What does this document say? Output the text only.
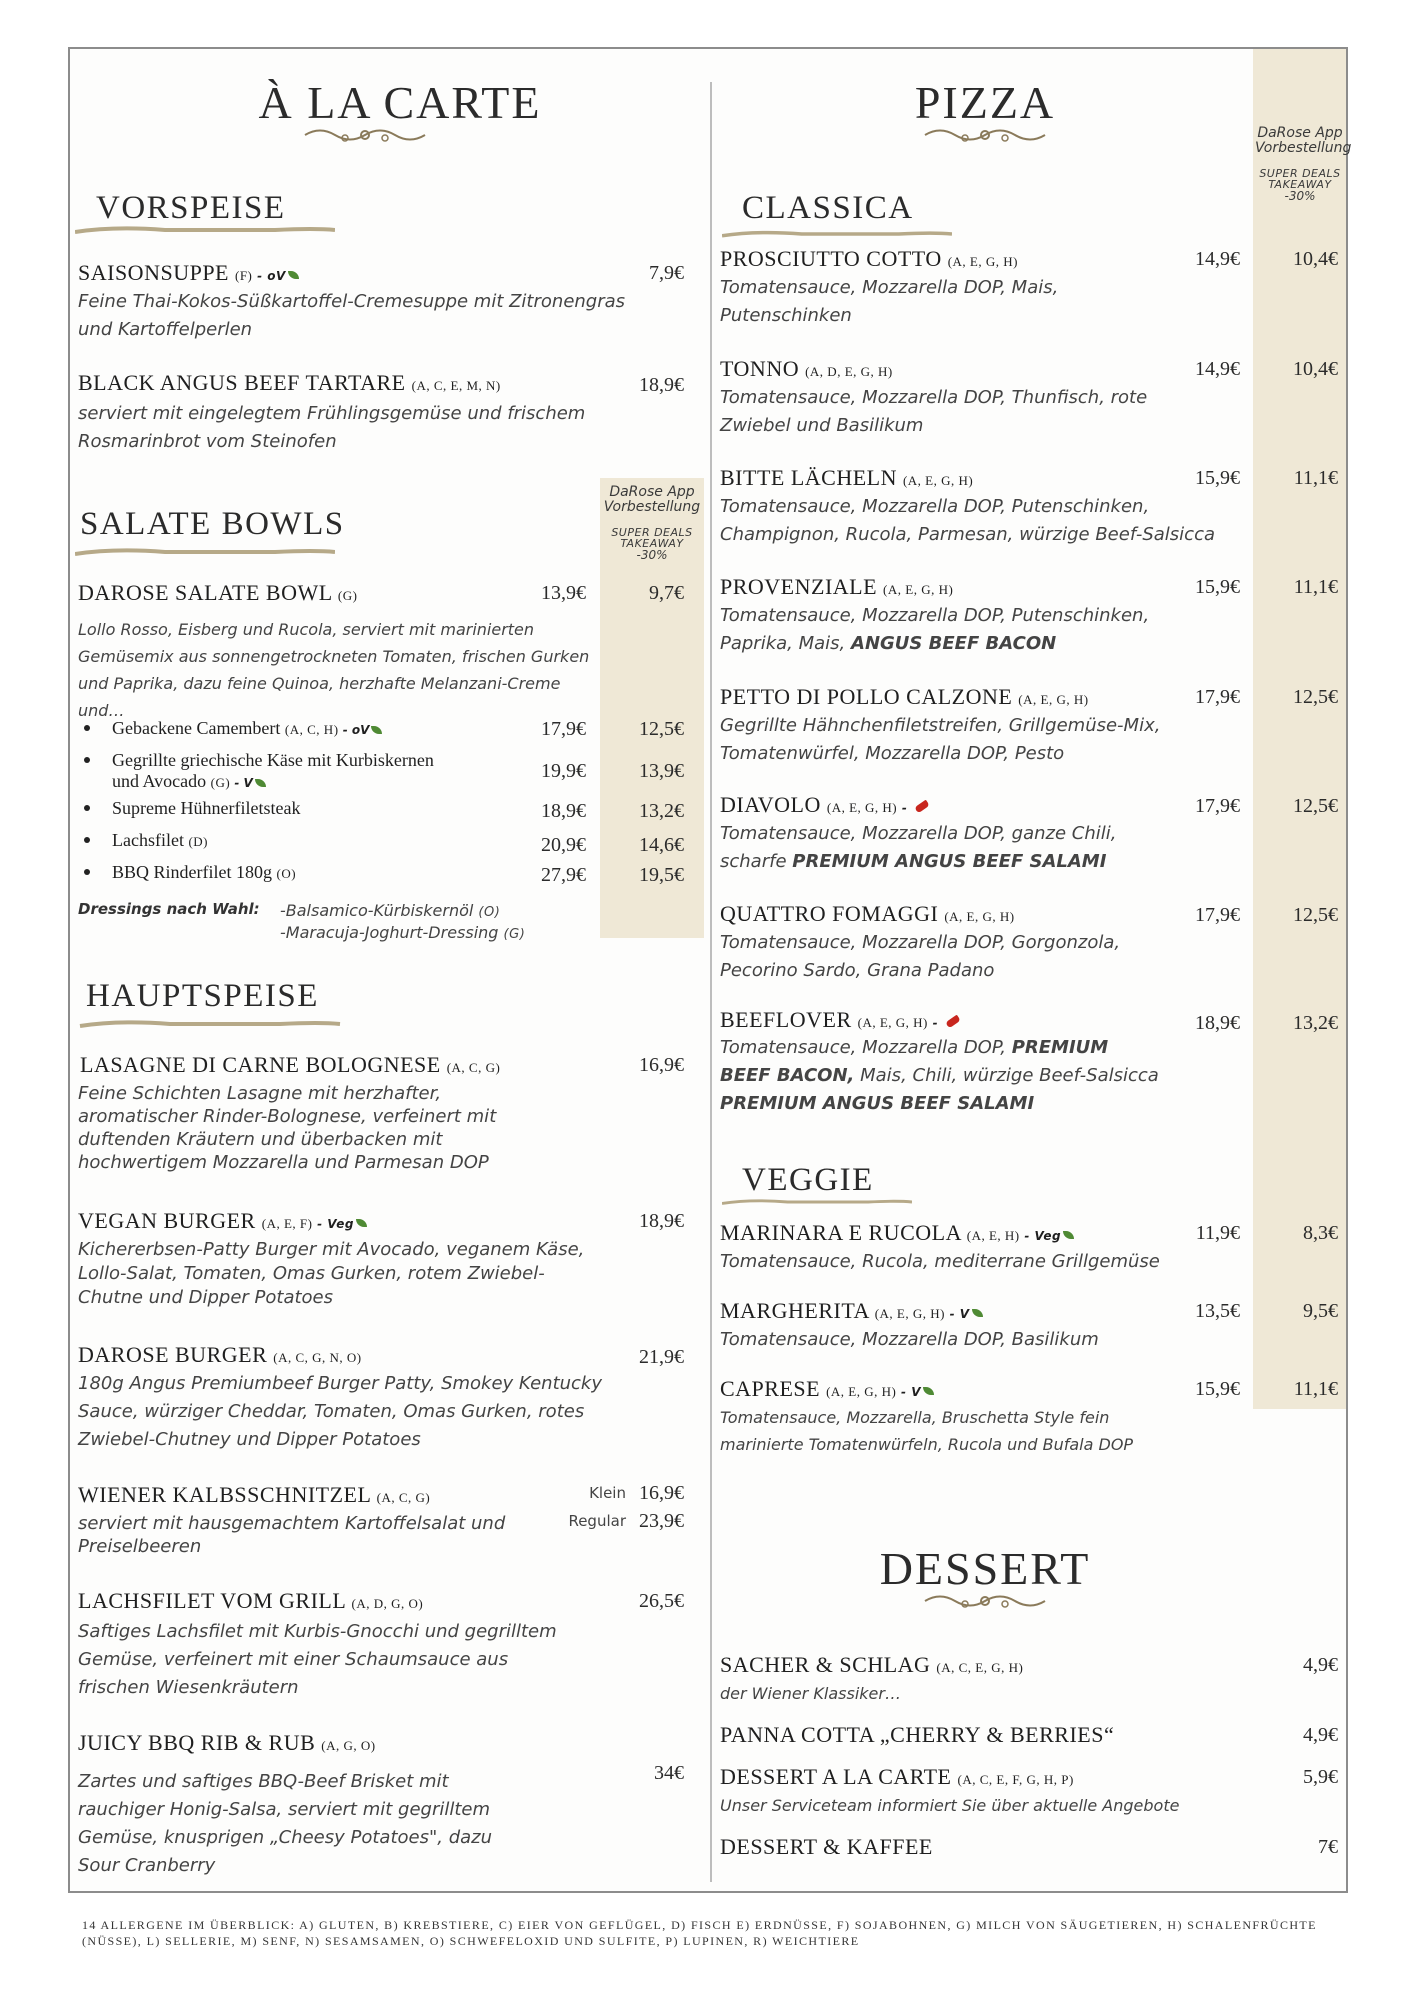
DaRose App Vorbestellung
SUPER DEALS TAKEAWAY
-30%
DaRose App Vorbestellung
SUPER DEALS TAKEAWAY
-30%
À LA CARTE	PIZZA
VORSPEISE
SALATE BOWLS
HAUPTSPEISE
CLASSICA
VEGGIE
DESSERT
SAISONSUPPE (F) - oV	7,9€
Feine Thai-Kokos-Süßkartoffel-Cremesuppe mit Zitronengras und Kartoffelperlen
BLACK ANGUS BEEF TARTARE (A, C, E, M, N)	18,9€
serviert mit eingelegtem Frühlingsgemüse und frischem Rosmarinbrot vom Steinofen
DAROSE SALATE BOWL (G)	13,9€	9,7€
Lollo Rosso, Eisberg und Rucola, serviert mit marinierten Gemüsemix aus sonnengetrockneten Tomaten, frischen Gurken und Paprika, dazu feine Quinoa, herzhafte Melanzani-Creme und…
Gebackene Camembert (A, C, H) - oV	17,9€	12,5€
Gegrillte griechische Käse mit Kurbiskernen
und Avocado (G) - V
19,9€	13,9€
Supreme Hühnerfiletsteak	18,9€	13,2€
Lachsfilet (D)	20,9€	14,6€
BBQ Rinderfilet 180g (O)	27,9€	19,5€
Dressings nach Wahl: -Balsamico-Kürbiskernöl (O)
-Maracuja-Joghurt-Dressing (G)
LASAGNE DI CARNE BOLOGNESE (A, C, G)	16,9€
Feine Schichten Lasagne mit herzhafter, aromatischer Rinder-Bolognese, verfeinert mit duftenden Kräutern und überbacken mit hochwertigem Mozzarella und Parmesan DOP
VEGAN BURGER (A, E, F) - Veg	18,9€
Kichererbsen-Patty Burger mit Avocado, veganem Käse, Lollo-Salat, Tomaten, Omas Gurken, rotem Zwiebel-Chutne und Dipper Potatoes
DAROSE BURGER (A, C, G, N, O)	21,9€
180g Angus Premiumbeef Burger Patty, Smokey Kentucky Sauce, würziger Cheddar, Tomaten, Omas Gurken, rotes Zwiebel-Chutney und Dipper Potatoes
WIENER KALBSSCHNITZEL (A, C, G)	Klein 16,9€
Regular 23,9€
serviert mit hausgemachtem Kartoffelsalat und Preiselbeeren
LACHSFILET VOM GRILL (A, D, G, O)	26,5€
Saftiges Lachsfilet mit Kurbis-Gnocchi und gegrilltem Gemüse, verfeinert mit einer Schaumsauce aus frischen Wiesenkräutern
JUICY BBQ RIB & RUB (A, G, O)
34€
Zartes und saftiges BBQ-Beef Brisket mit rauchiger Honig-Salsa, serviert mit gegrilltem Gemüse, knusprigen „Cheesy Potatoes", dazu Sour Cranberry
PROSCIUTTO COTTO (A, E, G, H)	14,9€	10,4€
Tomatensauce, Mozzarella DOP, Mais, Putenschinken
TONNO (A, D, E, G, H)	14,9€	10,4€
Tomatensauce, Mozzarella DOP, Thunfisch, rote Zwiebel und Basilikum
BITTE LÄCHELN (A, E, G, H)	15,9€	11,1€
Tomatensauce, Mozzarella DOP, Putenschinken, Champignon, Rucola, Parmesan, würzige Beef-Salsicca
PROVENZIALE (A, E, G, H)	15,9€	11,1€
Tomatensauce, Mozzarella DOP, Putenschinken, Paprika, Mais, ANGUS BEEF BACON
PETTO DI POLLO CALZONE (A, E, G, H)	17,9€	12,5€
Gegrillte Hähnchenfiletstreifen, Grillgemüse-Mix, Tomatenwürfel, Mozzarella DOP, Pesto
DIAVOLO (A, E, G, H) -	17,9€	12,5€
Tomatensauce, Mozzarella DOP, ganze Chili, scharfe PREMIUM ANGUS BEEF SALAMI
QUATTRO FOMAGGI (A, E, G, H)	17,9€	12,5€
Tomatensauce, Mozzarella DOP, Gorgonzola, Pecorino Sardo, Grana Padano
BEEFLOVER (A, E, G, H) -	18,9€	13,2€
Tomatensauce, Mozzarella DOP, PREMIUM
BEEF BACON, Mais, Chili, würzige Beef-Salsicca
PREMIUM ANGUS BEEF SALAMI
MARINARA E RUCOLA (A, E, H) - Veg	11,9€	8,3€
Tomatensauce, Rucola, mediterrane Grillgemüse
MARGHERITA (A, E, G, H) - V	13,5€	9,5€
Tomatensauce, Mozzarella DOP, Basilikum
CAPRESE (A, E, G, H) - V	15,9€	11,1€
Tomatensauce, Mozzarella, Bruschetta Style fein marinierte Tomatenwürfeln, Rucola und Bufala DOP
SACHER & SCHLAG (A, C, E, G, H)	4,9€
der Wiener Klassiker…
PANNA COTTA „CHERRY & BERRIES“	4,9€
DESSERT A LA CARTE (A, C, E, F, G, H, P)	5,9€
Unser Serviceteam informiert Sie über aktuelle Angebote
DESSERT & KAFFEE	7€
14 ALLERGENE IM ÜBERBLICK: A) GLUTEN, B) KREBSTIERE, C) EIER VON GEFLÜGEL, D) FISCH E) ERDNÜSSE, F) SOJABOHNEN, G) MILCH VON SÄUGETIEREN, H) SCHALENFRÜCHTE (NÜSSE), L) SELLERIE, M) SENF, N) SESAMSAMEN, O) SCHWEFELOXID UND SULFITE, P) LUPINEN, R) WEICHTIERE
